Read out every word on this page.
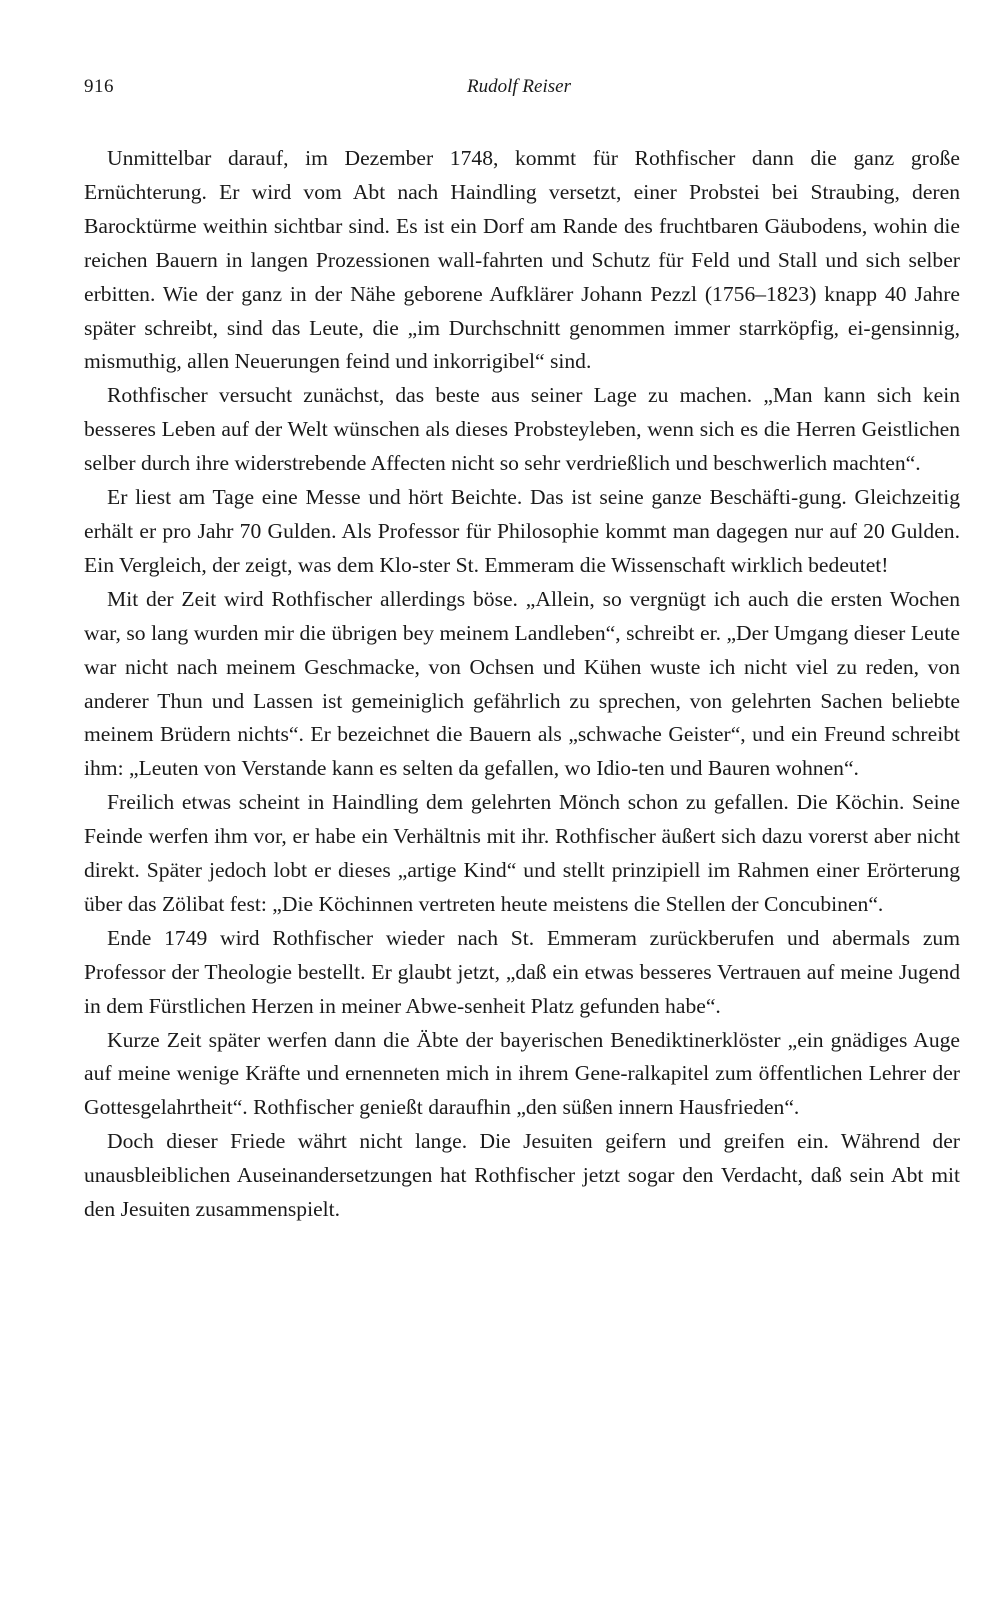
916	Rudolf Reiser

Unmittelbar darauf, im Dezember 1748, kommt für Rothfischer dann die ganz große Ernüchterung. Er wird vom Abt nach Haindling versetzt, einer Probstei bei Straubing, deren Barocktürme weithin sichtbar sind. Es ist ein Dorf am Rande des fruchtbaren Gäubodens, wohin die reichen Bauern in langen Prozessionen wall-fahrten und Schutz für Feld und Stall und sich selber erbitten. Wie der ganz in der Nähe geborene Aufklärer Johann Pezzl (1756–1823) knapp 40 Jahre später schreibt, sind das Leute, die „im Durchschnitt genommen immer starrköpfig, ei-gensinnig, mismuthig, allen Neuerungen feind und inkorrigibel“ sind.

Rothfischer versucht zunächst, das beste aus seiner Lage zu machen. „Man kann sich kein besseres Leben auf der Welt wünschen als dieses Probsteyleben, wenn sich es die Herren Geistlichen selber durch ihre widerstrebende Affecten nicht so sehr verdrießlich und beschwerlich machten“.

Er liest am Tage eine Messe und hört Beichte. Das ist seine ganze Beschäfti-gung. Gleichzeitig erhält er pro Jahr 70 Gulden. Als Professor für Philosophie kommt man dagegen nur auf 20 Gulden. Ein Vergleich, der zeigt, was dem Klo-ster St. Emmeram die Wissenschaft wirklich bedeutet!

Mit der Zeit wird Rothfischer allerdings böse. „Allein, so vergnügt ich auch die ersten Wochen war, so lang wurden mir die übrigen bey meinem Landleben“, schreibt er. „Der Umgang dieser Leute war nicht nach meinem Geschmacke, von Ochsen und Kühen wuste ich nicht viel zu reden, von anderer Thun und Lassen ist gemeiniglich gefährlich zu sprechen, von gelehrten Sachen beliebte meinem Brüdern nichts“. Er bezeichnet die Bauern als „schwache Geister“, und ein Freund schreibt ihm: „Leuten von Verstande kann es selten da gefallen, wo Idio-ten und Bauren wohnen“.

Freilich etwas scheint in Haindling dem gelehrten Mönch schon zu gefallen. Die Köchin. Seine Feinde werfen ihm vor, er habe ein Verhältnis mit ihr. Rothfischer äußert sich dazu vorerst aber nicht direkt. Später jedoch lobt er dieses „artige Kind“ und stellt prinzipiell im Rahmen einer Erörterung über das Zölibat fest: „Die Köchinnen vertreten heute meistens die Stellen der Concubinen“.

Ende 1749 wird Rothfischer wieder nach St. Emmeram zurückberufen und abermals zum Professor der Theologie bestellt. Er glaubt jetzt, „daß ein etwas besseres Vertrauen auf meine Jugend in dem Fürstlichen Herzen in meiner Abwe-senheit Platz gefunden habe“.

Kurze Zeit später werfen dann die Äbte der bayerischen Benediktinerklöster „ein gnädiges Auge auf meine wenige Kräfte und ernenneten mich in ihrem Gene-ralkapitel zum öffentlichen Lehrer der Gottesgelahrtheit“. Rothfischer genießt daraufhin „den süßen innern Hausfrieden“.

Doch dieser Friede währt nicht lange. Die Jesuiten geifern und greifen ein. Während der unausbleiblichen Auseinandersetzungen hat Rothfischer jetzt sogar den Verdacht, daß sein Abt mit den Jesuiten zusammenspielt.
